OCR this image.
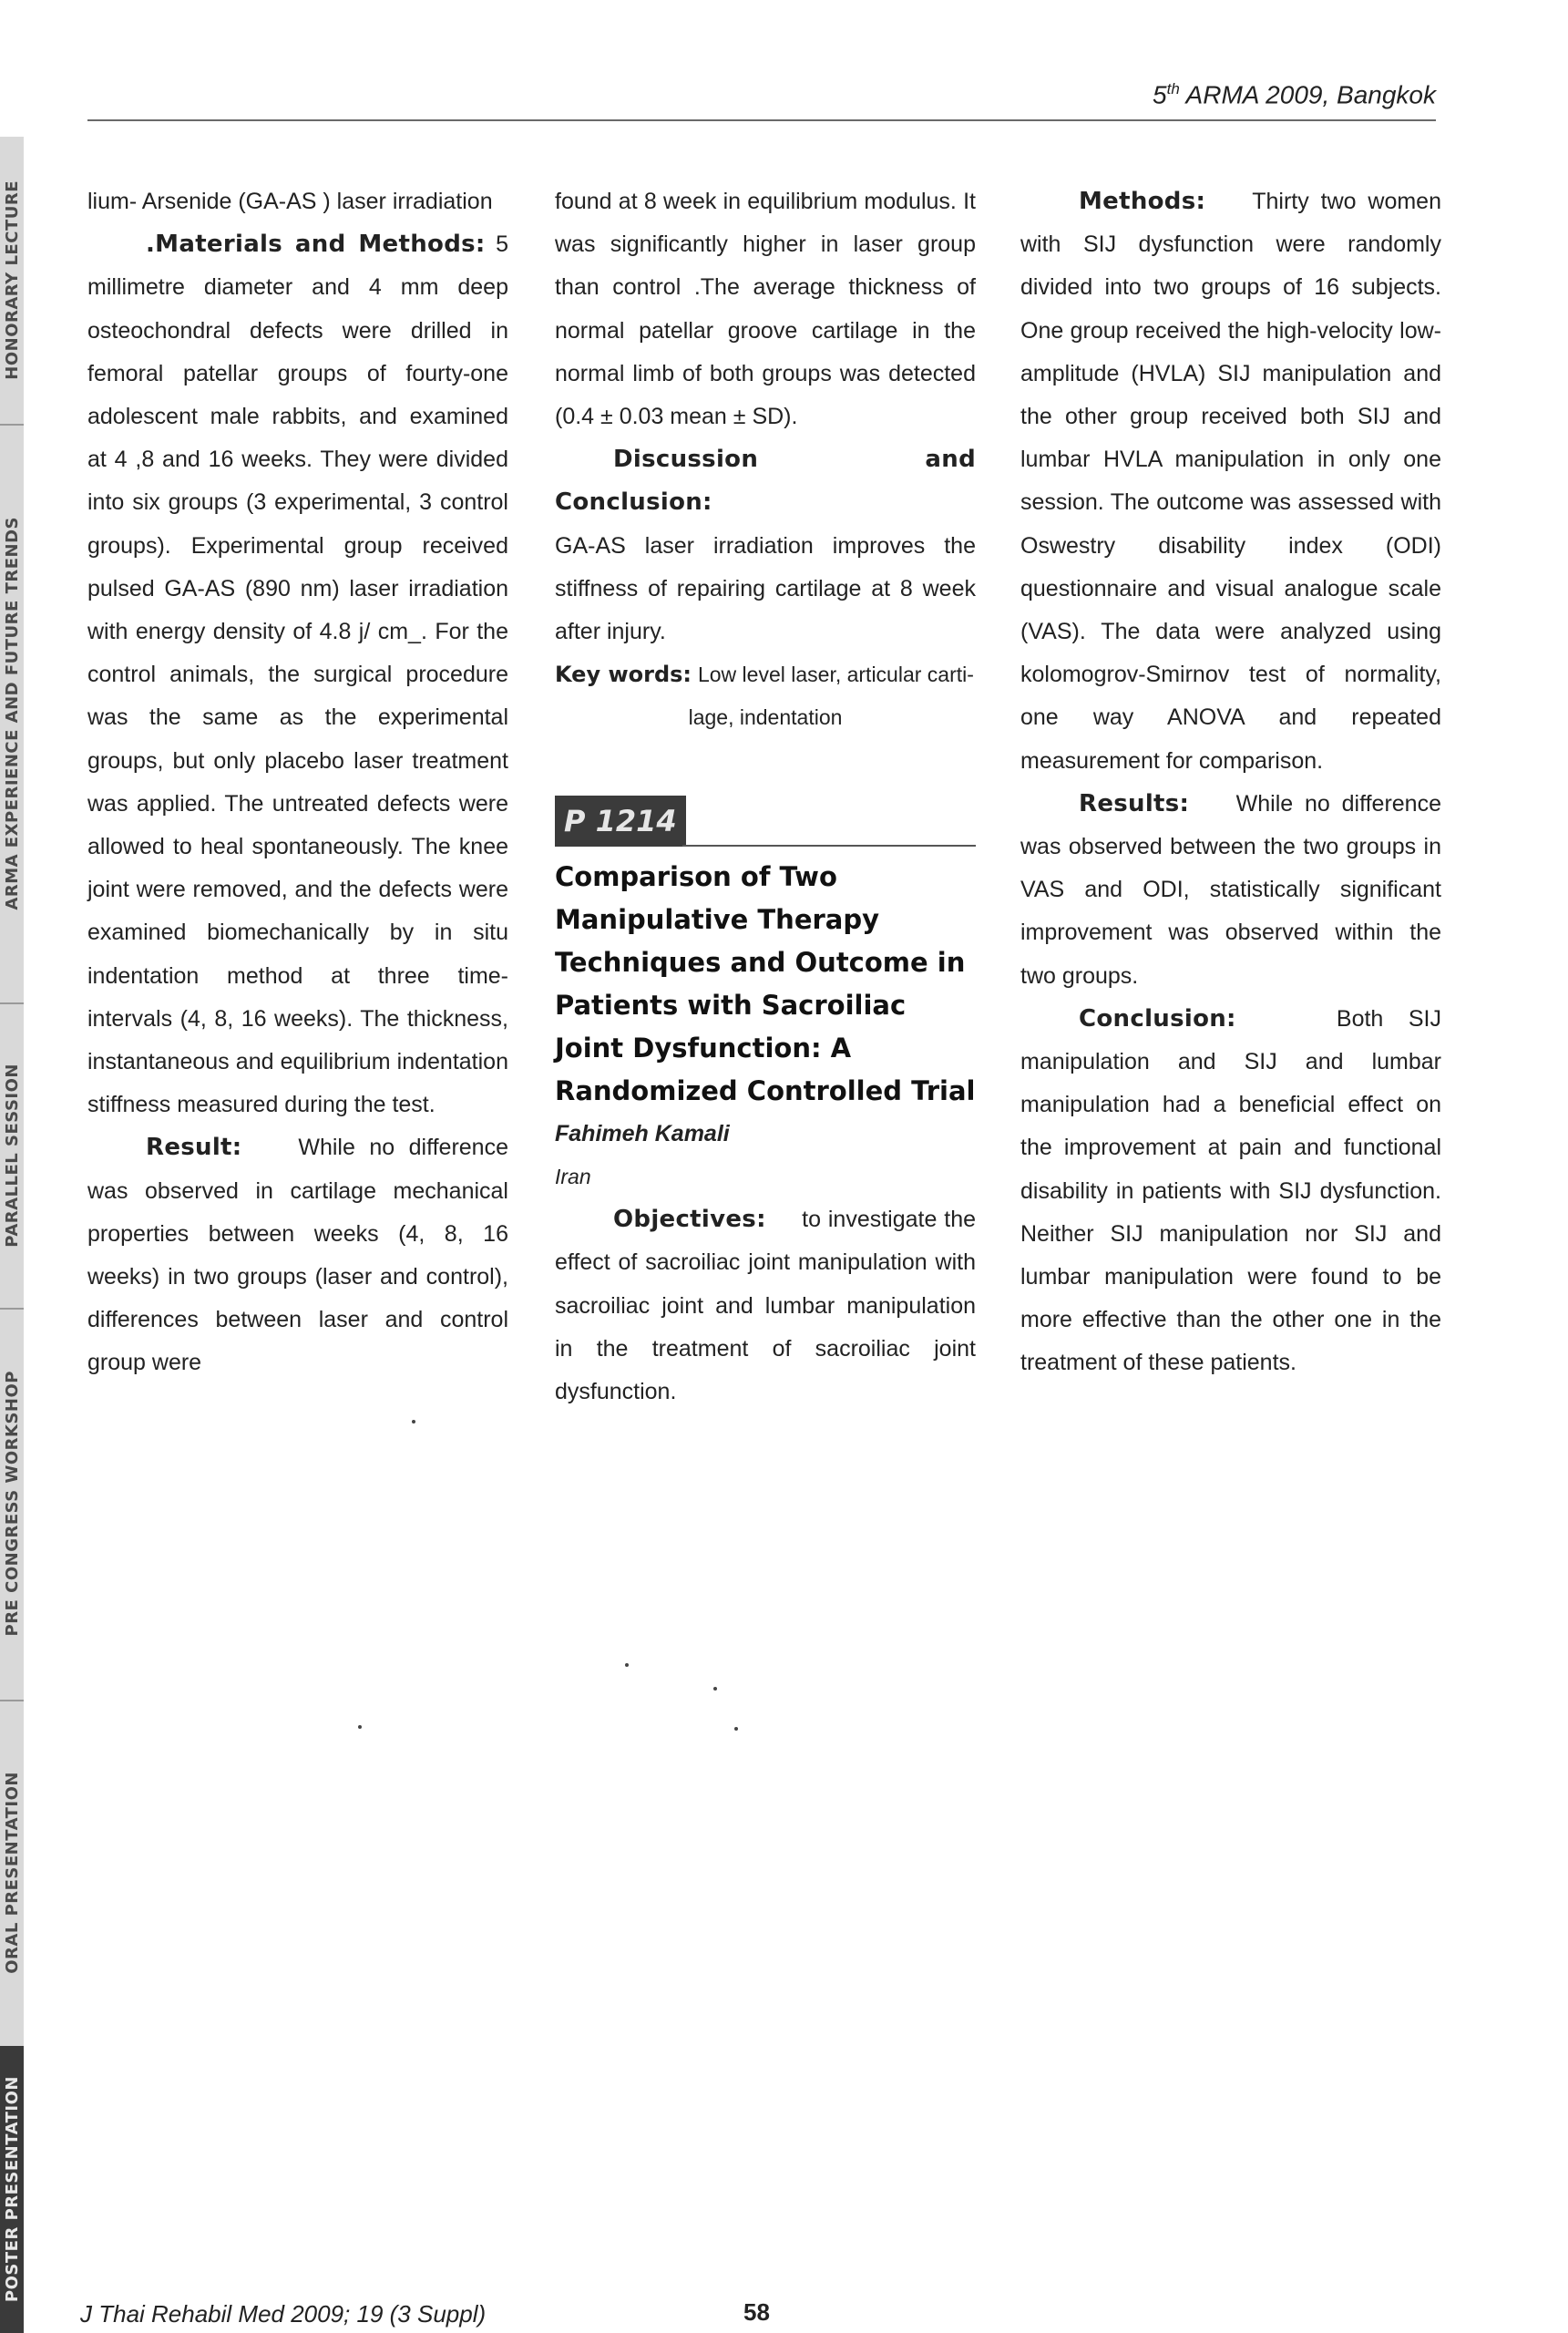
HONORARY LECTURE
ARMA EXPERIENCE AND FUTURE TRENDS
PARALLEL SESSION
PRE CONGRESS WORKSHOP
ORAL PRESENTATION
POSTER PRESENTATION
5th ARMA 2009, Bangkok

lium- Arsenide (GA-AS ) laser irradiation

.Materials and Methods: 5 millimetre diameter and 4 mm deep osteochondral defects were drilled in femoral patellar groups of fourty-one adolescent male rabbits, and examined at 4 ,8 and 16 weeks. They were divided into six groups (3 experimental, 3 control groups). Experimental group received pulsed GA-AS (890 nm) laser irradiation with energy density of 4.8 j/ cm_. For the control animals, the surgical procedure was the same as the experimental groups, but only placebo laser treatment was applied. The untreated defects were allowed to heal spontaneously. The knee joint were removed, and the defects were examined biomechanically by in situ indentation method at three time- intervals (4, 8, 16 weeks). The thickness, instantaneous and equilibrium indentation stiffness measured during the test.

Result: While no difference was observed in cartilage mechanical properties between weeks (4, 8, 16 weeks) in two groups (laser and control), differences between laser and control group were

found at 8 week in equilibrium modulus. It was significantly higher in laser group than control .The average thickness of normal patellar groove cartilage in the normal limb of both groups was detected (0.4 ± 0.03 mean ± SD).

Discussion and Conclusion:

GA-AS laser irradiation improves the stiffness of repairing cartilage at 8 week after injury.

Key words: Low level laser, articular carti-
lage, indentation

P 1214
Comparison of Two Manipulative Therapy Techniques and Outcome in Patients with Sacroiliac Joint Dysfunction: A Randomized Controlled Trial
Fahimeh Kamali
Iran

Objectives: to investigate the effect of sacroiliac joint manipulation with sacroiliac joint and lumbar manipulation in the treatment of sacroiliac joint dysfunction.

Methods: Thirty two women with SIJ dysfunction were randomly divided into two groups of 16 subjects. One group received the high-velocity low-amplitude (HVLA) SIJ manipulation and the other group received both SIJ and lumbar HVLA manipulation in only one session. The outcome was assessed with Oswestry disability index (ODI) questionnaire and visual analogue scale (VAS). The data were analyzed using kolomogrov-Smirnov test of normality, one way ANOVA and repeated measurement for comparison.

Results: While no difference was observed between the two groups in VAS and ODI, statistically significant improvement was observed within the two groups.

Conclusion:	Both SIJ manipulation and SIJ and lumbar manipulation had a beneficial effect on the improvement at pain and functional disability in patients with SIJ dysfunction. Neither SIJ manipulation nor SIJ and lumbar manipulation were found to be more effective than the other one in the treatment of these patients.

J Thai Rehabil Med 2009; 19 (3 Suppl)	58
